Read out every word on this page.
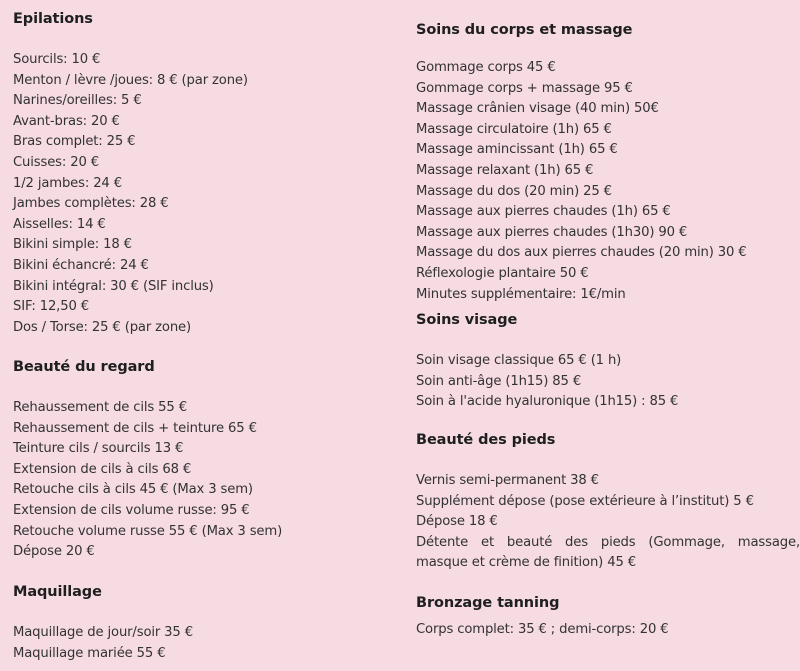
Epilations
Sourcils: 10 €
Menton / lèvre /joues: 8 € (par zone)
Narines/oreilles: 5 €
Avant-bras: 20 €
Bras complet: 25 €
Cuisses: 20 €
1/2 jambes: 24 €
Jambes complètes: 28 €
Aisselles: 14 €
Bikini simple: 18 €
Bikini échancré: 24 €
Bikini intégral: 30 € (SIF inclus)
SIF: 12,50 €
Dos / Torse: 25 € (par zone)
Beauté du regard
Rehaussement de cils 55 €
Rehaussement de cils + teinture 65 €
Teinture cils / sourcils 13 €
Extension de cils à cils 68 €
Retouche cils à cils 45 € (Max 3 sem)
Extension de cils volume russe: 95 €
Retouche volume russe 55 € (Max 3 sem)
Dépose 20 €
Maquillage
Maquillage de jour/soir 35 €
Maquillage mariée 55 €
Soins du corps et massage
Gommage corps 45 €
Gommage corps + massage 95 €
Massage crânien visage (40 min) 50€
Massage circulatoire (1h) 65 €
Massage amincissant (1h) 65 €
Massage relaxant (1h) 65 €
Massage du dos (20 min) 25 €
Massage aux pierres chaudes (1h) 65 €
Massage aux pierres chaudes (1h30) 90 €
Massage du dos aux pierres chaudes (20 min) 30 €
Réflexologie plantaire 50 €
Minutes supplémentaire: 1€/min
Soins visage
Soin visage classique 65 € (1 h)
Soin anti-âge (1h15) 85 €
Soin à l'acide hyaluronique (1h15) : 85 €
Beauté des pieds
Vernis semi-permanent 38 €
Supplément dépose (pose extérieure à l’institut) 5 €
Dépose 18 €
Détente et beauté des pieds (Gommage, massage, masque et crème de finition) 45 €
Bronzage tanning
Corps complet: 35 € ; demi-corps: 20 €
